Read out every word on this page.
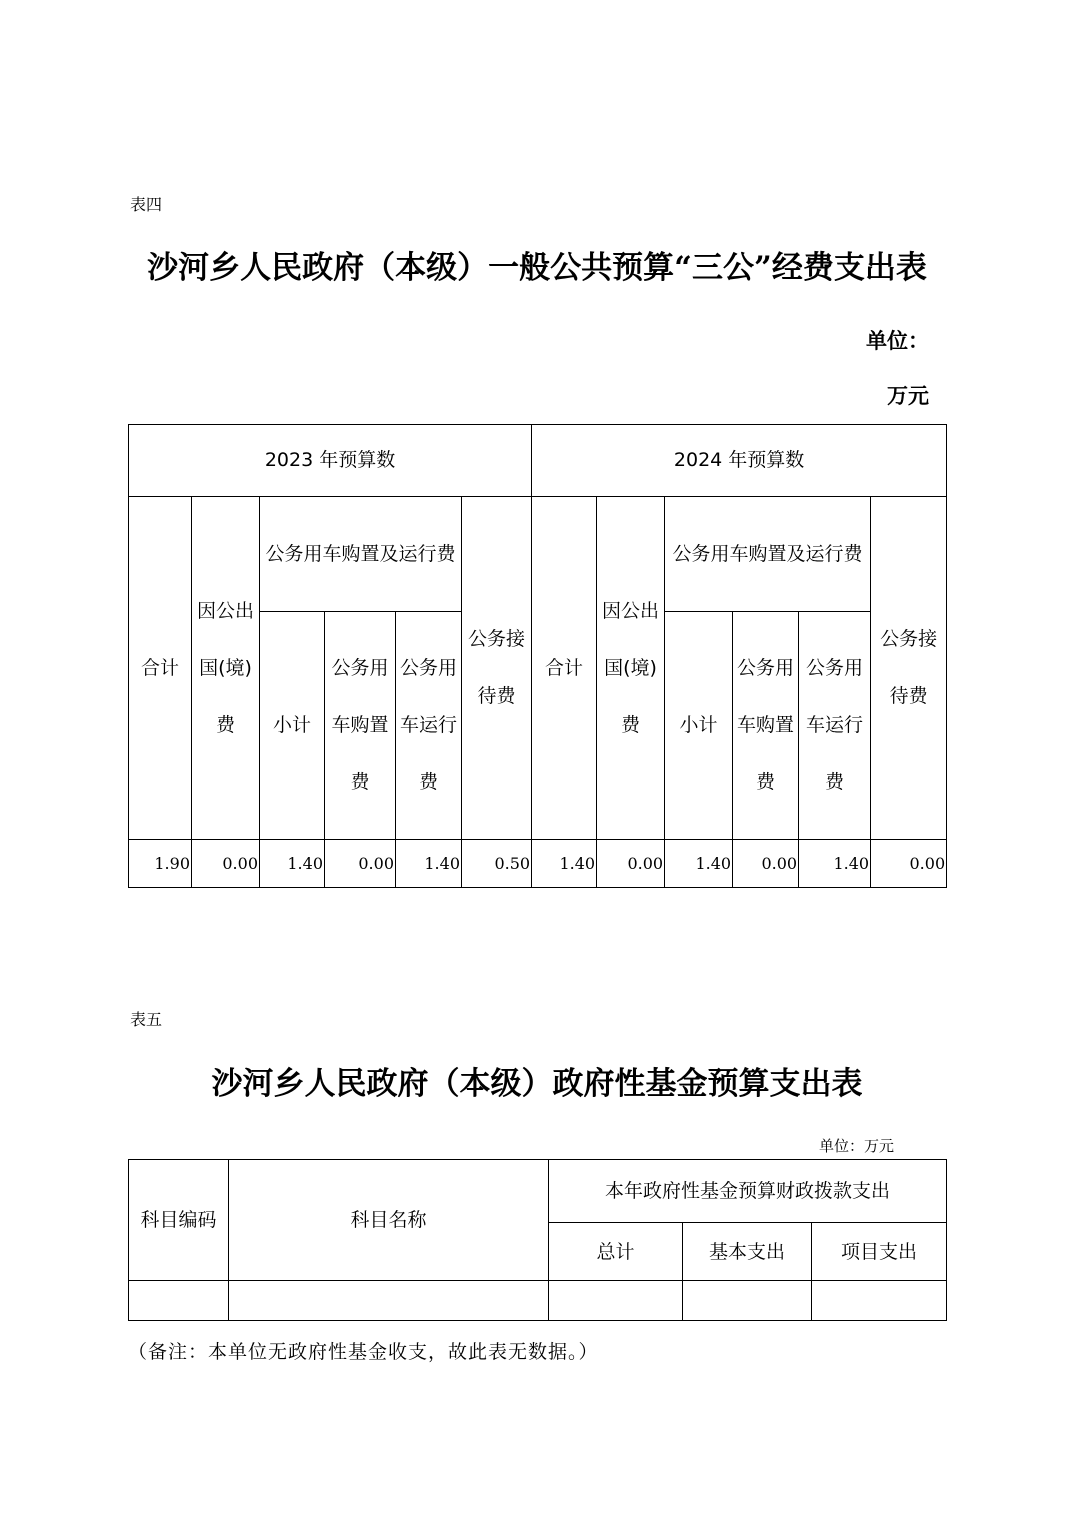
表四
沙河乡人民政府（本级）一般公共预算“三公”经费支出表
单位：
万元
2023 年预算数						2024 年预算数					
合计	因公出国(境)费	公务用车购置及运行费			公务接待费	合计	因公出国(境)费	公务用车购置及运行费			公务接待费

		小计	公务用车购置费	公务用车运行费				小计	公务用车购置费	公务用车运行费	

1.90	0.00	1.40	0.00	1.40	0.50	1.40	0.00	1.40	0.00	1.40	0.00
表五
沙河乡人民政府（本级）政府性基金预算支出表
单位：万元
科目编码	科目名称	本年政府性基金预算财政拨款支出		
		总计	基本支出	项目支出

（备注：本单位无政府性基金收支，故此表无数据。）
